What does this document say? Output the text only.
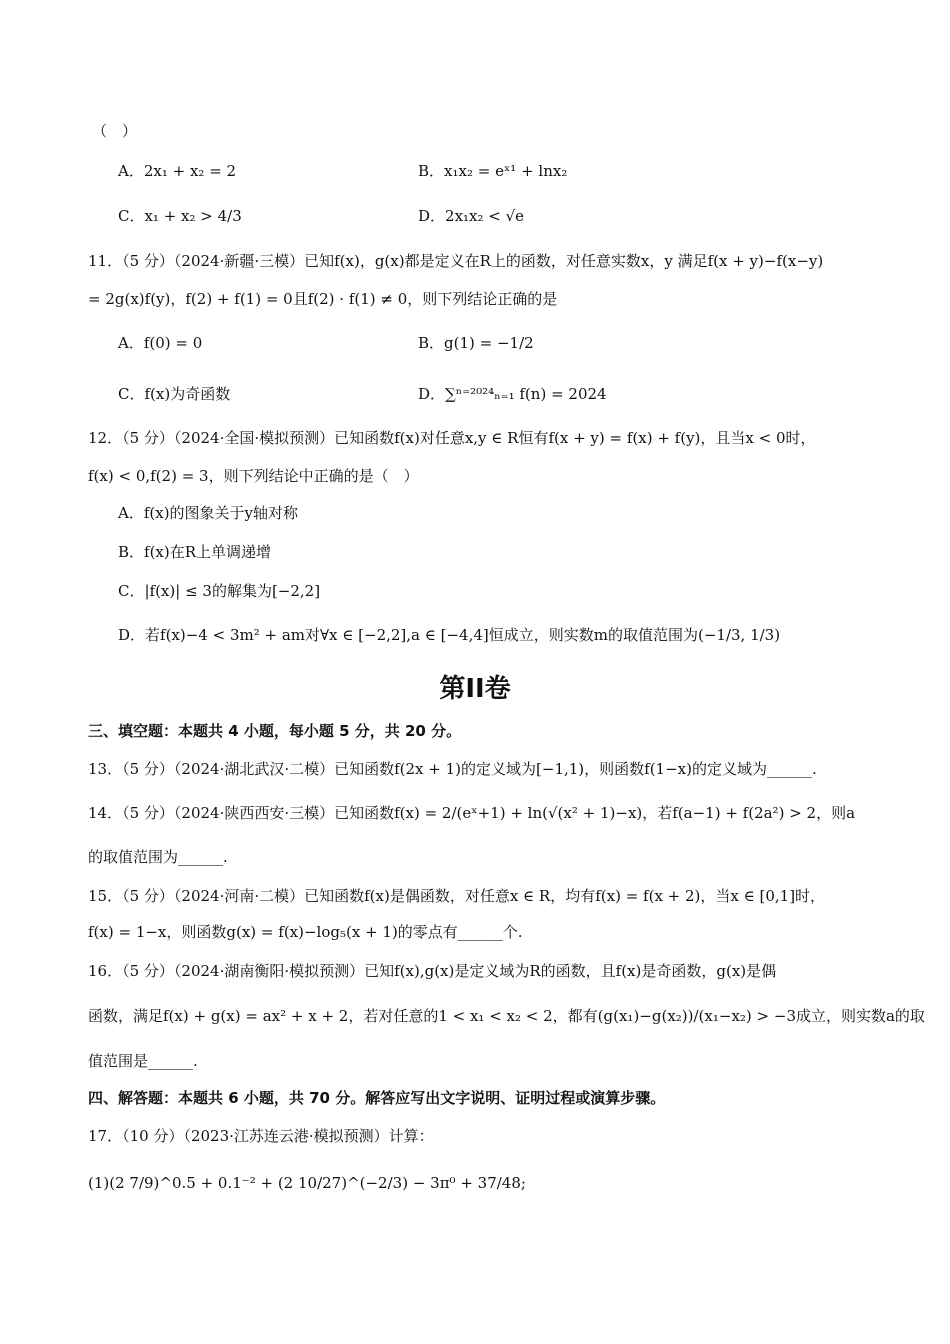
（　）
A．2x₁ + x₂ = 2	B．x₁x₂ = eˣ¹ + lnx₂
C．x₁ + x₂ > 4/3	D．2x₁x₂ < √e
11．（5 分）（2024·新疆·三模）已知f(x)，g(x)都是定义在R上的函数，对任意实数x，y 满足f(x + y)−f(x−y)
= 2g(x)f(y)，f(2) + f(1) = 0且f(2) · f(1) ≠ 0，则下列结论正确的是
A．f(0) = 0	B．g(1) = −1/2
C．f(x)为奇函数	D．∑ⁿ⁼²⁰²⁴ₙ₌₁ f(n) = 2024
12．（5 分）（2024·全国·模拟预测）已知函数f(x)对任意x,y ∈ R恒有f(x + y) = f(x) + f(y)，且当x < 0时，
f(x) < 0,f(2) = 3，则下列结论中正确的是（　）
A．f(x)的图象关于y轴对称
B．f(x)在R上单调递增
C．|f(x)| ≤ 3的解集为[−2,2]
D．若f(x)−4 < 3m² + am对∀x ∈ [−2,2],a ∈ [−4,4]恒成立，则实数m的取值范围为(−1/3, 1/3)
第II卷
三、填空题：本题共 4 小题，每小题 5 分，共 20 分。
13．（5 分）（2024·湖北武汉·二模）已知函数f(2x + 1)的定义域为[−1,1)，则函数f(1−x)的定义域为______.
14．（5 分）（2024·陕西西安·三模）已知函数f(x) = 2/(eˣ+1) + ln(√(x² + 1)−x)，若f(a−1) + f(2a²) > 2，则a
的取值范围为______.
15．（5 分）（2024·河南·二模）已知函数f(x)是偶函数，对任意x ∈ R，均有f(x) = f(x + 2)，当x ∈ [0,1]时，
f(x) = 1−x，则函数g(x) = f(x)−log₅(x + 1)的零点有______个.
16．（5 分）（2024·湖南衡阳·模拟预测）已知f(x),g(x)是定义域为R的函数，且f(x)是奇函数，g(x)是偶
函数，满足f(x) + g(x) = ax² + x + 2，若对任意的1 < x₁ < x₂ < 2，都有(g(x₁)−g(x₂))/(x₁−x₂) > −3成立，则实数a的取
值范围是______.
四、解答题：本题共 6 小题，共 70 分。解答应写出文字说明、证明过程或演算步骤。
17．（10 分）（2023·江苏连云港·模拟预测）计算：
(1)(2 7/9)^0.5 + 0.1⁻² + (2 10/27)^(−2/3) − 3π⁰ + 37/48;
